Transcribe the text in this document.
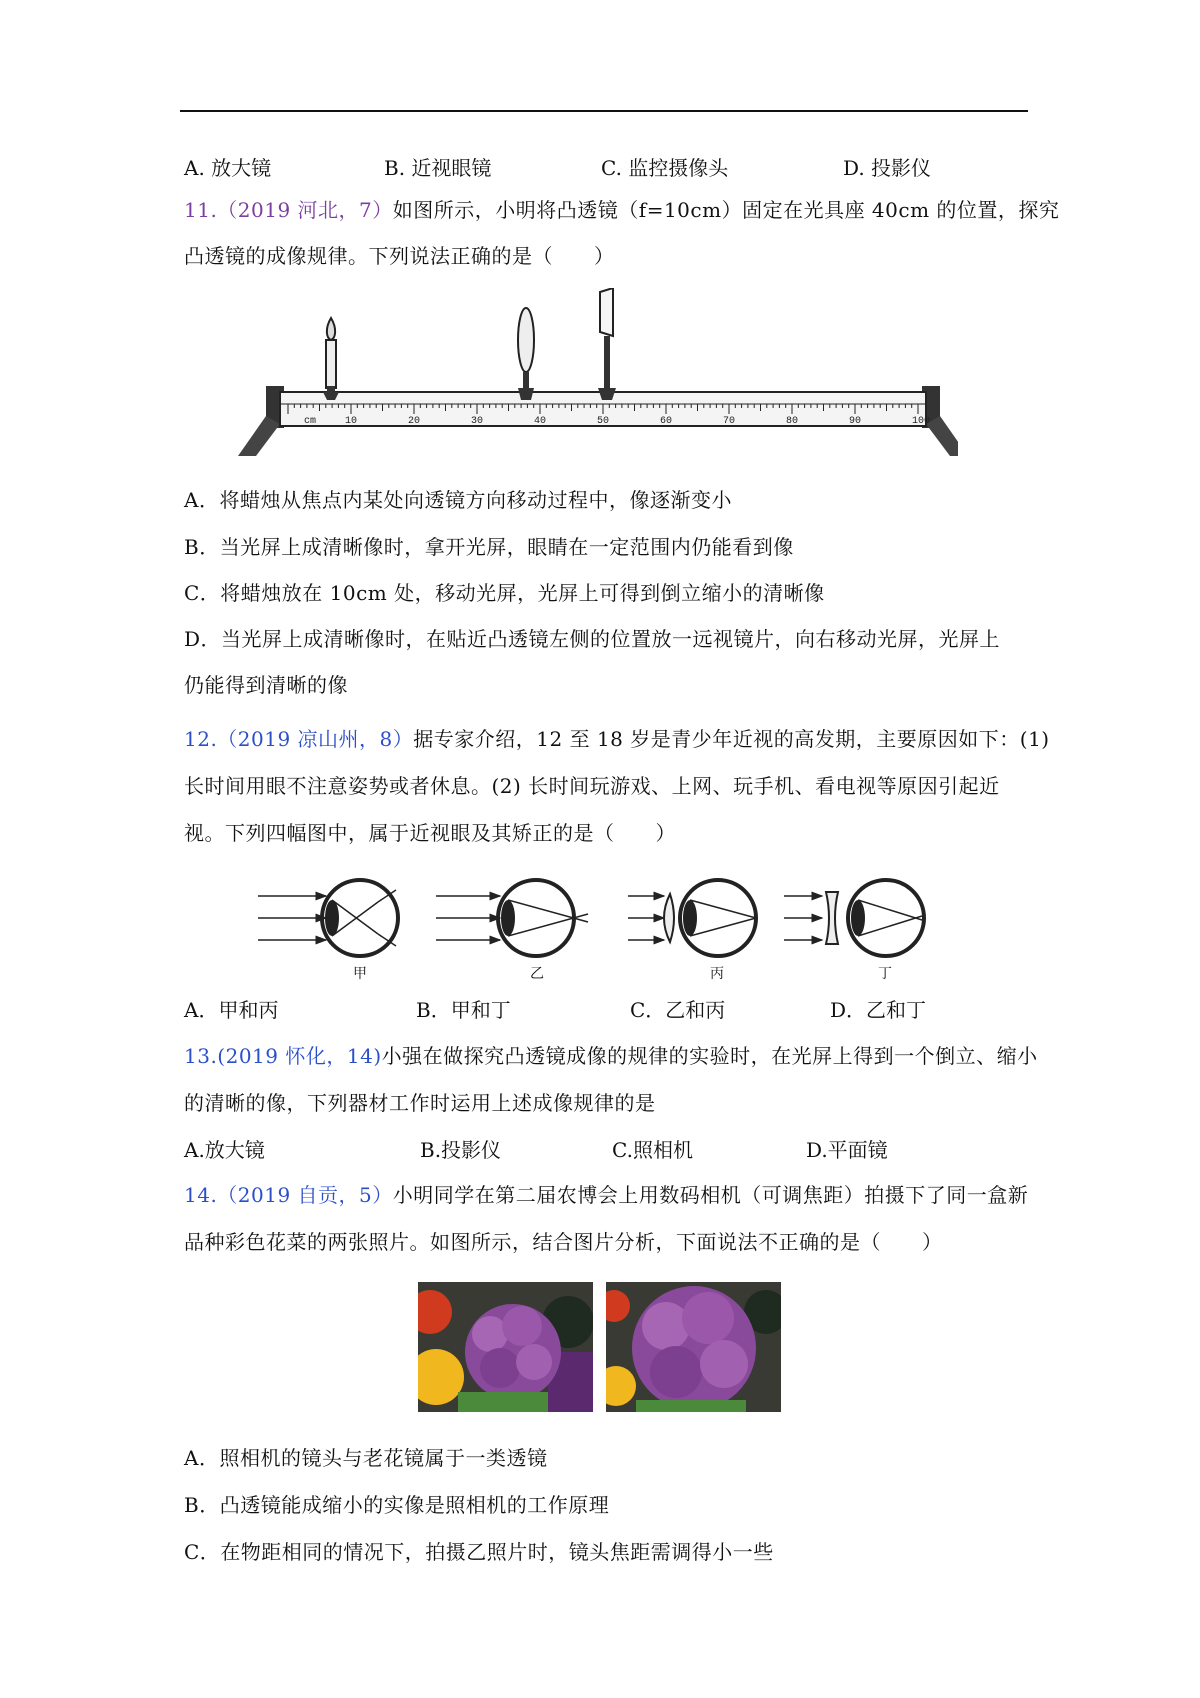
A. 放大镜	B. 近视眼镜	C. 监控摄像头	D. 投影仪
11.（2019 河北，7）如图所示，小明将凸透镜（f=10cm）固定在光具座 40cm 的位置，探究
凸透镜的成像规律。下列说法正确的是（　　）
cm	10	20	30	40	50	60	70	80	90	100
A．将蜡烛从焦点内某处向透镜方向移动过程中，像逐渐变小
B．当光屏上成清晰像时，拿开光屏，眼睛在一定范围内仍能看到像
C．将蜡烛放在 10cm 处，移动光屏，光屏上可得到倒立缩小的清晰像
D．当光屏上成清晰像时，在贴近凸透镜左侧的位置放一远视镜片，向右移动光屏，光屏上
仍能得到清晰的像
12.（2019 凉山州，8）据专家介绍，12 至 18 岁是青少年近视的高发期，主要原因如下：(1)
长时间用眼不注意姿势或者休息。(2) 长时间玩游戏、上网、玩手机、看电视等原因引起近
视。下列四幅图中，属于近视眼及其矫正的是（　　）
甲	乙	丙	丁
A．甲和丙	B．甲和丁	C．乙和丙	D．乙和丁
13.(2019 怀化，14)小强在做探究凸透镜成像的规律的实验时，在光屏上得到一个倒立、缩小
的清晰的像，下列器材工作时运用上述成像规律的是
A.放大镜	B.投影仪	C.照相机	D.平面镜
14.（2019 自贡，5）小明同学在第二届农博会上用数码相机（可调焦距）拍摄下了同一盒新
品种彩色花菜的两张照片。如图所示，结合图片分析，下面说法不正确的是（　　）
A．照相机的镜头与老花镜属于一类透镜
B．凸透镜能成缩小的实像是照相机的工作原理
C．在物距相同的情况下，拍摄乙照片时，镜头焦距需调得小一些
